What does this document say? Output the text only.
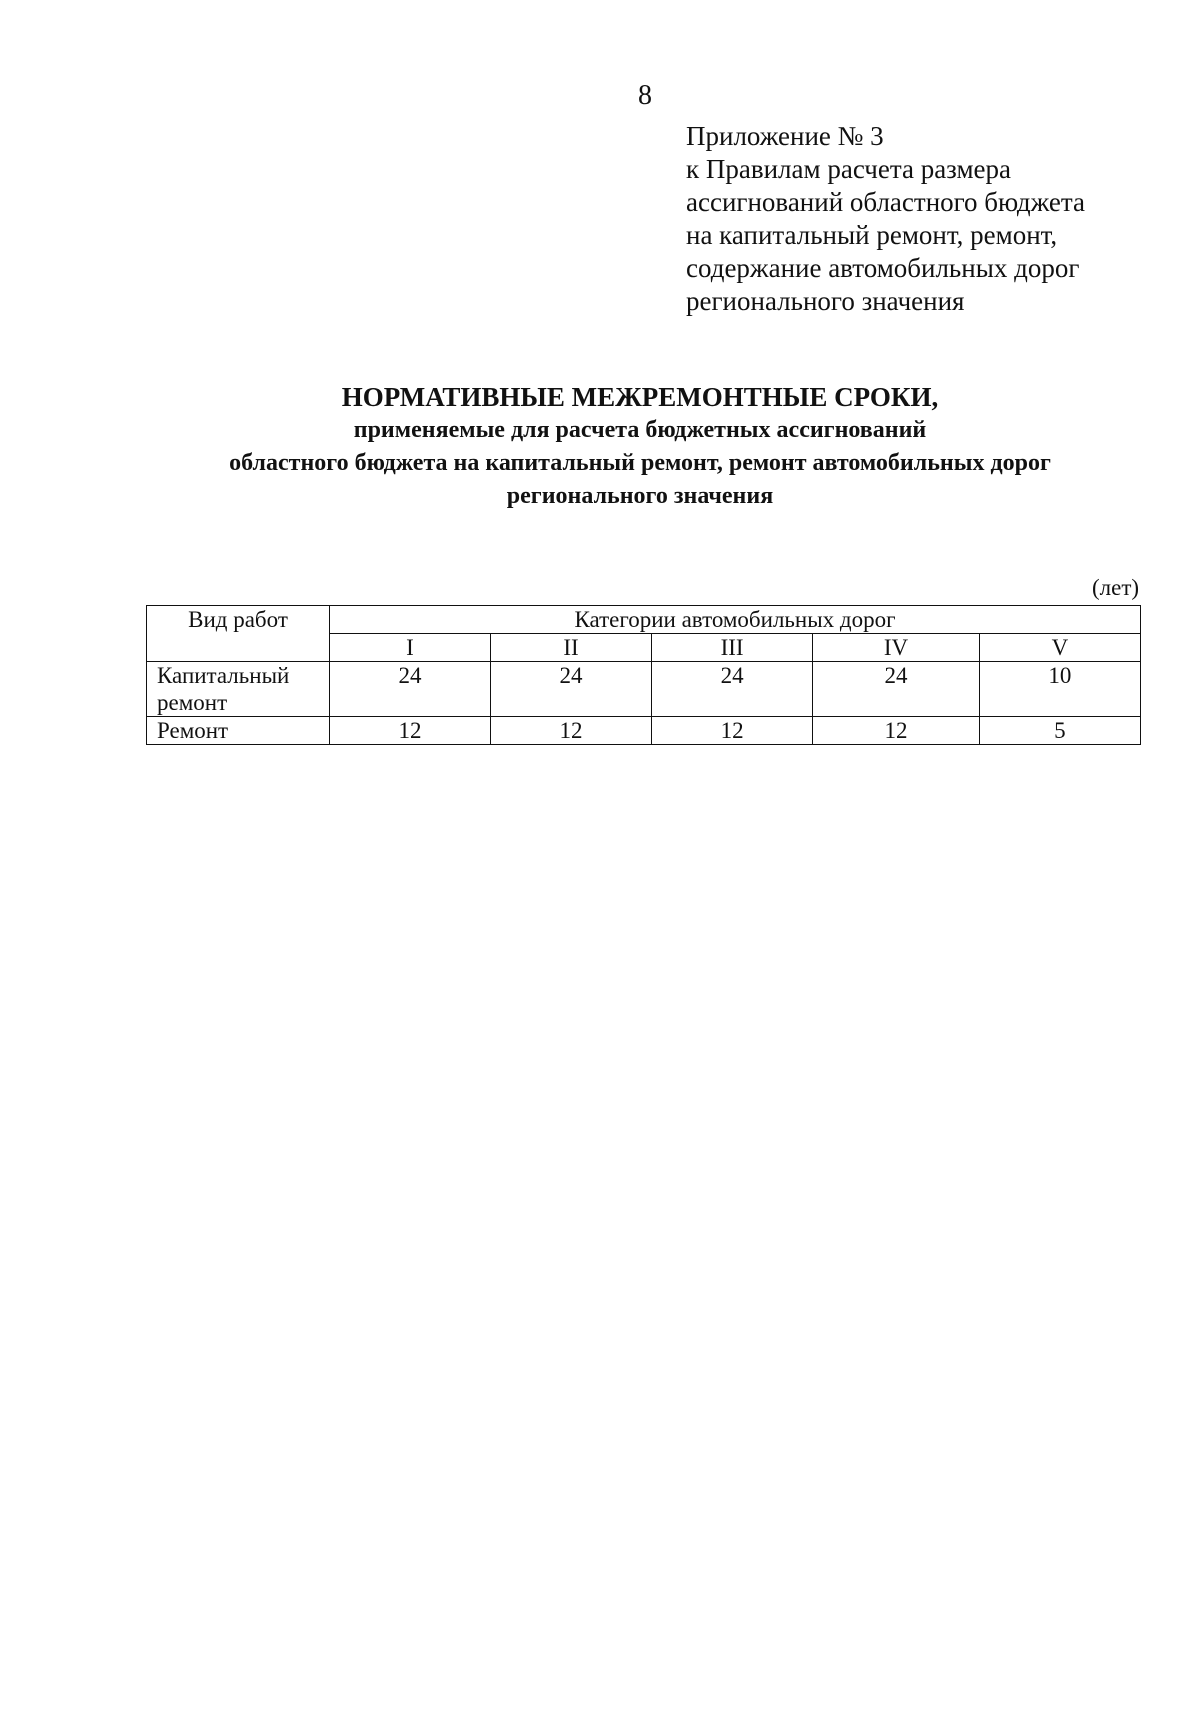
8
Приложение № 3
к Правилам расчета размера
ассигнований областного бюджета
на капитальный ремонт, ремонт,
содержание автомобильных дорог
регионального значения
НОРМАТИВНЫЕ МЕЖРЕМОНТНЫЕ СРОКИ,
применяемые для расчета бюджетных ассигнований
областного бюджета на капитальный ремонт, ремонт автомобильных дорог
регионального значения
(лет)
Вид работ	Категории автомобильных дорог				
	I	II	III	IV	V
Капитальный
ремонт	24	24	24	24	10
Ремонт	12	12	12	12	5
